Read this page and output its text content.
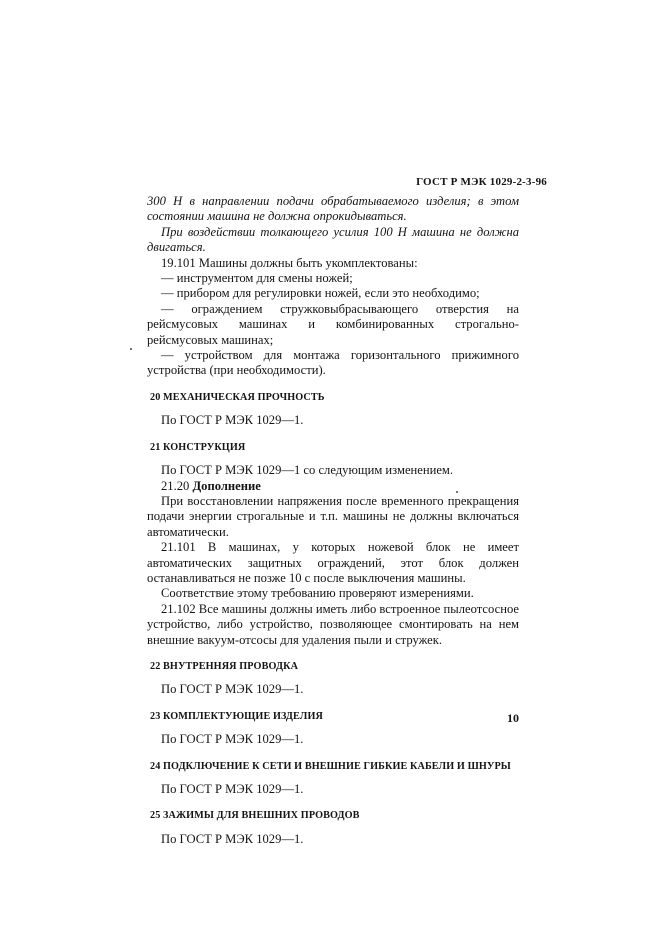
ГОСТ Р МЭК 1029-2-3-96

300 Н в направлении подачи обрабатываемого изделия; в этом состоянии машина не должна опрокидываться.

При воздействии толкающего усилия 100 Н машина не должна двигаться.

19.101 Машины должны быть укомплектованы:

— инструментом для смены ножей;

— прибором для регулировки ножей, если это необходимо;

— ограждением стружковыбрасывающего отверстия на рейсмусовых машинах и комбинированных строгально-рейсмусовых машинах;

— устройством для монтажа горизонтального прижимного устройства (при необходимости).

20 МЕХАНИЧЕСКАЯ ПРОЧНОСТЬ

По ГОСТ Р МЭК 1029—1.

21 КОНСТРУКЦИЯ

По ГОСТ Р МЭК 1029—1 со следующим изменением.

21.20 Дополнение

При восстановлении напряжения после временного прекращения подачи энергии строгальные и т.п. машины не должны включаться автоматически.

21.101 В машинах, у которых ножевой блок не имеет автоматических защитных ограждений, этот блок должен останавливаться не позже 10 с после выключения машины.

Соответствие этому требованию проверяют измерениями.

21.102 Все машины должны иметь либо встроенное пылеотсосное устройство, либо устройство, позволяющее смонтировать на нем внешние вакуум-отсосы для удаления пыли и стружек.

22 ВНУТРЕННЯЯ ПРОВОДКА

По ГОСТ Р МЭК 1029—1.

23 КОМПЛЕКТУЮЩИЕ ИЗДЕЛИЯ

По ГОСТ Р МЭК 1029—1.

24 ПОДКЛЮЧЕНИЕ К СЕТИ И ВНЕШНИЕ ГИБКИЕ КАБЕЛИ И ШНУРЫ

По ГОСТ Р МЭК 1029—1.

25 ЗАЖИМЫ ДЛЯ ВНЕШНИХ ПРОВОДОВ

По ГОСТ Р МЭК 1029—1.

10
